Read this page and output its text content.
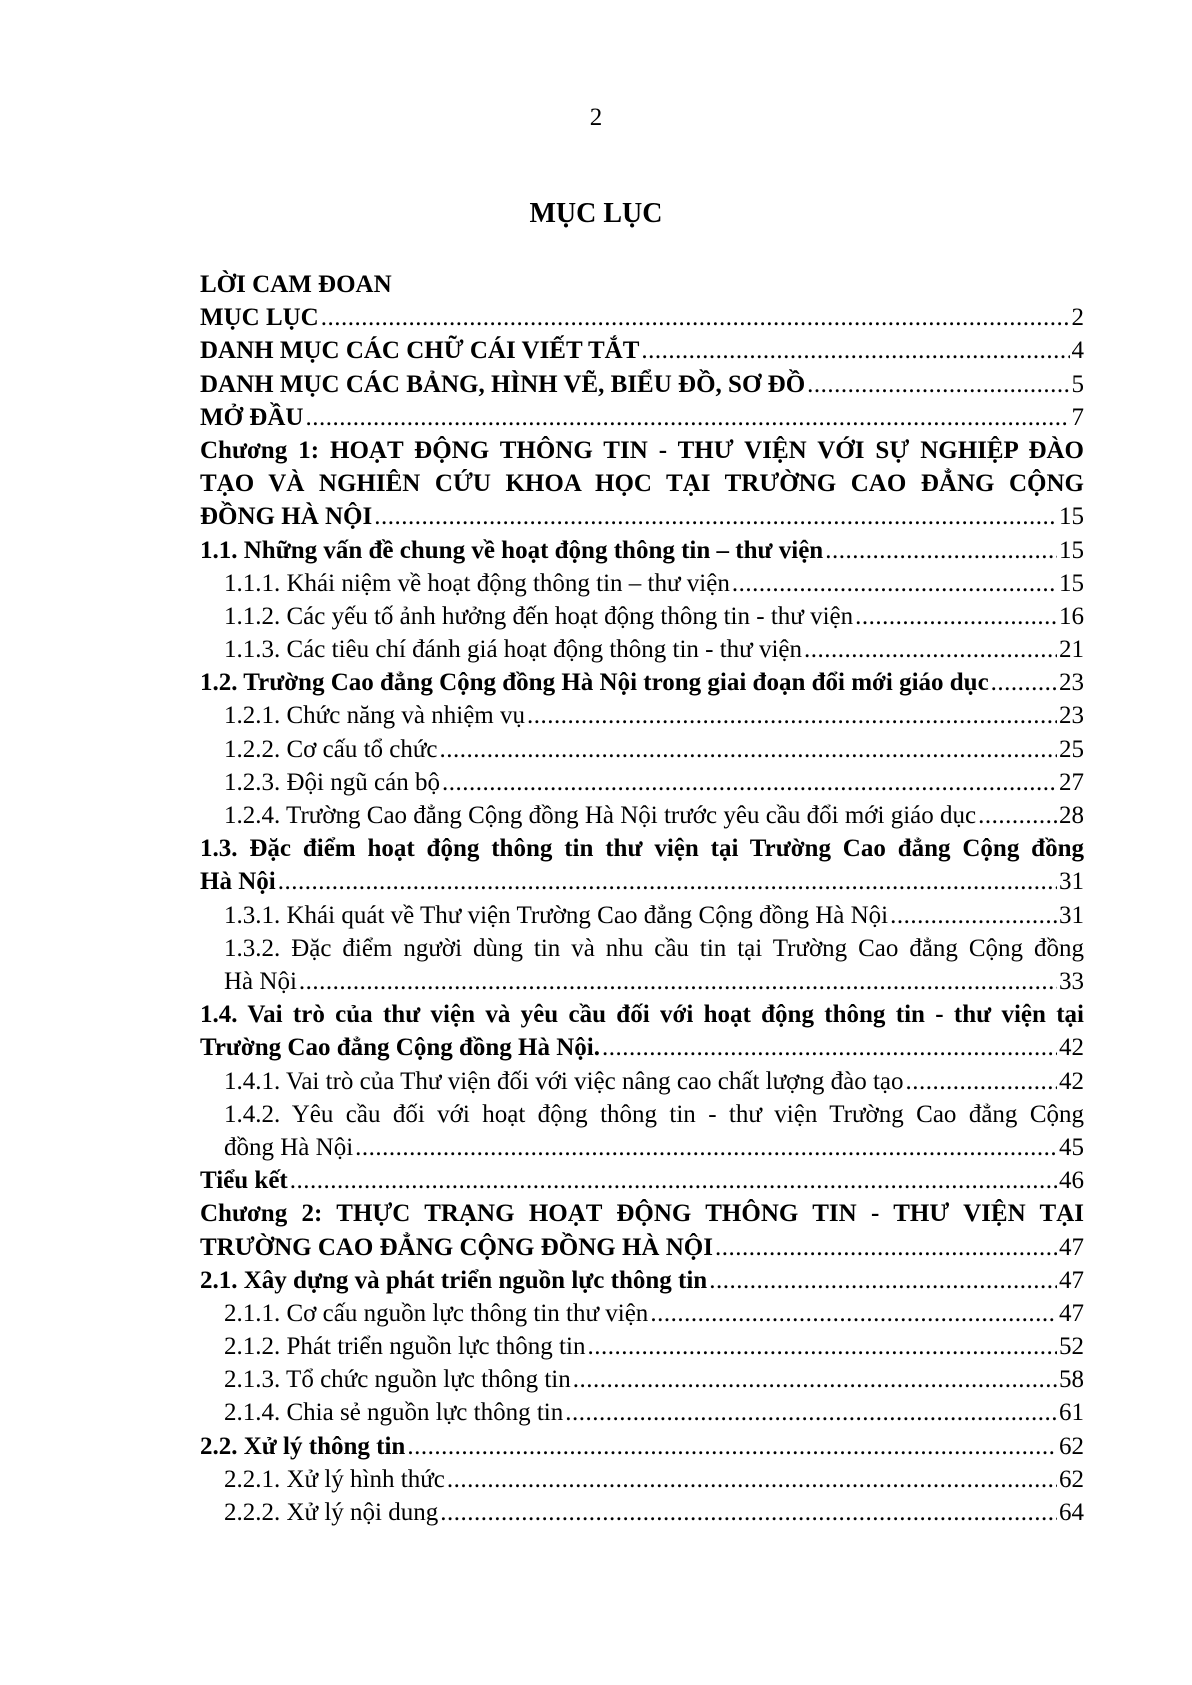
2
MỤC LỤC
LỜI CAM ĐOAN
MỤC LỤC .....	2
DANH MỤC CÁC CHỮ CÁI VIẾT TẮT .....	4
DANH MỤC CÁC BẢNG, HÌNH VẼ, BIỂU ĐỒ, SƠ ĐỒ .....	5
MỞ ĐẦU .....	7
Chương 1: HOẠT ĐỘNG THÔNG TIN - THƯ VIỆN VỚI SỰ NGHIỆP ĐÀO
TẠO VÀ NGHIÊN CỨU KHOA HỌC TẠI TRƯỜNG CAO ĐẲNG CỘNG
ĐỒNG HÀ NỘI .....	15
1.1. Những vấn đề chung về hoạt động thông tin – thư viện .....	15
1.1.1. Khái niệm về hoạt động thông tin – thư viện .....	15
1.1.2. Các yếu tố ảnh hưởng đến hoạt động thông tin - thư viện .....	16
1.1.3. Các tiêu chí đánh giá hoạt động thông tin - thư viện .....	21
1.2. Trường Cao đẳng Cộng đồng Hà Nội trong giai đoạn đổi mới giáo dục .....	23
1.2.1. Chức năng và nhiệm vụ .....	23
1.2.2. Cơ cấu tổ chức .....	25
1.2.3. Đội ngũ cán bộ .....	27
1.2.4. Trường Cao đẳng Cộng đồng Hà Nội trước yêu cầu đổi mới giáo dục .....	28
1.3. Đặc điểm hoạt động thông tin thư viện tại Trường Cao đẳng Cộng đồng
Hà Nội .....	31
1.3.1. Khái quát về Thư viện Trường Cao đẳng Cộng đồng Hà Nội .....	31
1.3.2. Đặc điểm người dùng tin và nhu cầu tin tại Trường Cao đẳng Cộng đồng
Hà Nội .....	33
1.4. Vai trò của thư viện và yêu cầu đối với hoạt động thông tin - thư viện tại
Trường Cao đẳng Cộng đồng Hà Nội. .....	42
1.4.1. Vai trò của Thư viện đối với việc nâng cao chất lượng đào tạo .....	42
1.4.2. Yêu cầu đối với hoạt động thông tin - thư viện Trường Cao đẳng Cộng
đồng Hà Nội .....	45
Tiểu kết .....	46
Chương 2: THỰC TRẠNG HOẠT ĐỘNG THÔNG TIN - THƯ VIỆN TẠI
TRƯỜNG CAO ĐẲNG CỘNG ĐỒNG HÀ NỘI .....	47
2.1. Xây dựng và phát triển nguồn lực thông tin .....	47
2.1.1. Cơ cấu nguồn lực thông tin thư viện .....	47
2.1.2. Phát triển nguồn lực thông tin .....	52
2.1.3. Tổ chức nguồn lực thông tin .....	58
2.1.4. Chia sẻ nguồn lực thông tin .....	61
2.2. Xử lý thông tin .....	62
2.2.1. Xử lý hình thức .....	62
2.2.2. Xử lý nội dung .....	64
